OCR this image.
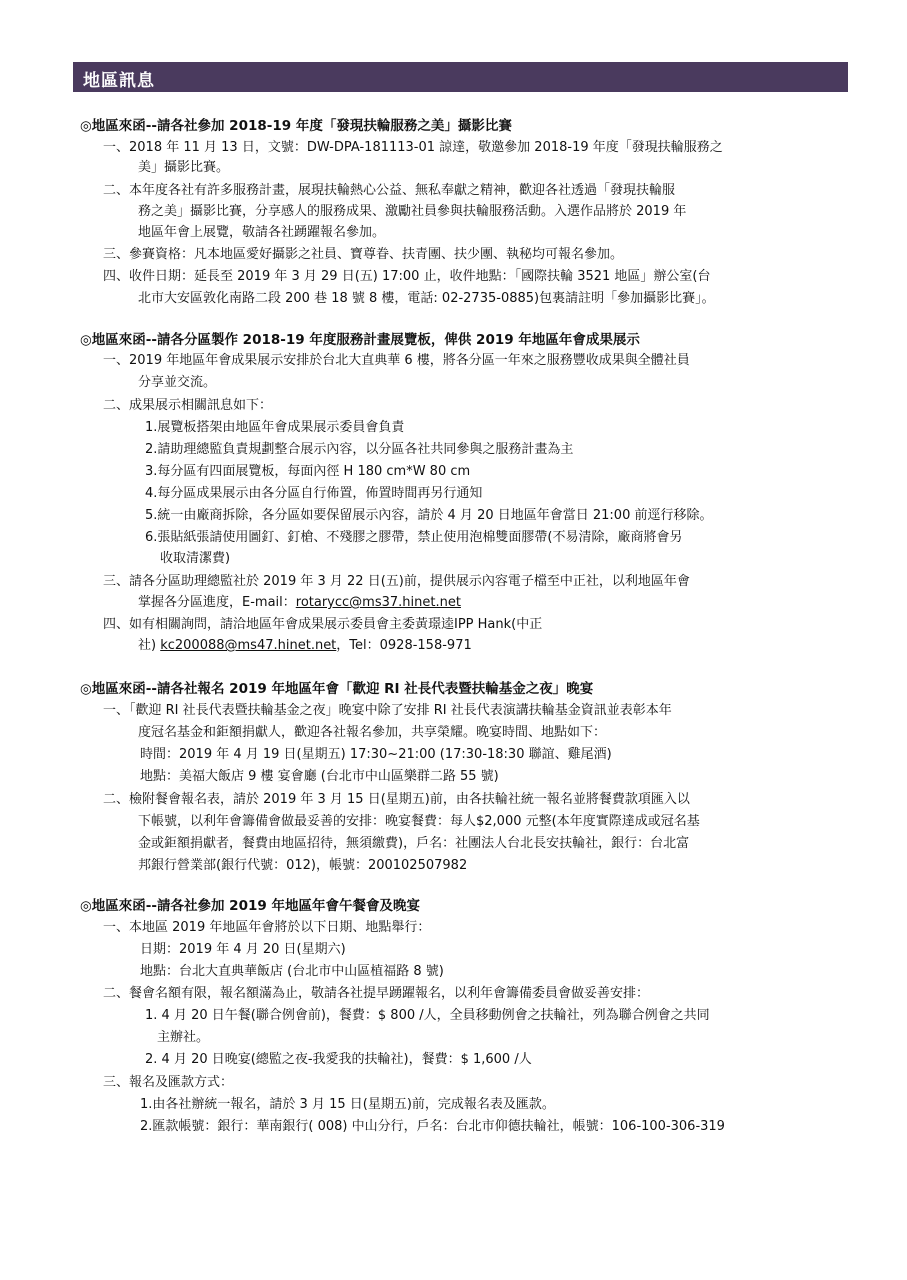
地區訊息
◎地區來函--請各社參加 2018-19 年度「發現扶輪服務之美」攝影比賽
一、2018 年 11 月 13 日，文號：DW-DPA-181113-01 諒達，敬邀參加 2018-19 年度「發現扶輪服務之
美」攝影比賽。
二、本年度各社有許多服務計畫，展現扶輪熱心公益、無私奉獻之精神，歡迎各社透過「發現扶輪服
務之美」攝影比賽，分享感人的服務成果、激勵社員參與扶輪服務活動。入選作品將於 2019 年
地區年會上展覽，敬請各社踴躍報名參加。
三、參賽資格：凡本地區愛好攝影之社員、寶尊眷、扶青團、扶少團、執秘均可報名參加。
四、收件日期：延長至 2019 年 3 月 29 日(五) 17:00 止，收件地點：「國際扶輪 3521 地區」辦公室(台
北市大安區敦化南路二段 200 巷 18 號 8 樓，電話: 02-2735-0885)包裏請註明「參加攝影比賽」。
◎地區來函--請各分區製作 2018-19 年度服務計畫展覽板，俾供 2019 年地區年會成果展示
一、2019 年地區年會成果展示安排於台北大直典華 6 樓，將各分區一年來之服務豐收成果與全體社員
分享並交流。
二、成果展示相關訊息如下：
1.展覽板搭架由地區年會成果展示委員會負責
2.請助理總監負責規劃整合展示內容，以分區各社共同參與之服務計畫為主
3.每分區有四面展覽板，每面內徑 H 180 cm*W 80 cm
4.每分區成果展示由各分區自行佈置，佈置時間再另行通知
5.統一由廠商拆除，各分區如要保留展示內容，請於 4 月 20 日地區年會當日 21:00 前逕行移除。
6.張貼紙張請使用圖釘、釘槍、不殘膠之膠帶，禁止使用泡棉雙面膠帶(不易清除，廠商將會另
收取清潔費)
三、請各分區助理總監社於 2019 年 3 月 22 日(五)前，提供展示內容電子檔至中正社，以利地區年會
掌握各分區進度，E-mail：rotarycc@ms37.hinet.net
四、如有相關詢問，請洽地區年會成果展示委員會主委黃璟逵IPP Hank(中正
社) kc200088@ms47.hinet.net，Tel：0928-158-971
◎地區來函--請各社報名 2019 年地區年會「歡迎 RI 社長代表暨扶輪基金之夜」晚宴
一、「歡迎 RI 社長代表暨扶輪基金之夜」晚宴中除了安排 RI 社長代表演講扶輪基金資訊並表彰本年
度冠名基金和鉅額捐獻人，歡迎各社報名參加，共享榮耀。晚宴時間、地點如下：
時間：2019 年 4 月 19 日(星期五) 17:30~21:00 (17:30-18:30 聯誼、雞尾酒)
地點：美福大飯店 9 樓 宴會廳 (台北市中山區樂群二路 55 號)
二、檢附餐會報名表，請於 2019 年 3 月 15 日(星期五)前，由各扶輪社統一報名並將餐費款項匯入以
下帳號，以利年會籌備會做最妥善的安排：晚宴餐費：每人$2,000 元整(本年度實際達成或冠名基
金或鉅額捐獻者，餐費由地區招待，無須繳費)，戶名：社團法人台北長安扶輪社，銀行：台北富
邦銀行營業部(銀行代號：012)，帳號：200102507982
◎地區來函--請各社參加 2019 年地區年會午餐會及晚宴
一、本地區 2019 年地區年會將於以下日期、地點舉行：
日期：2019 年 4 月 20 日(星期六)
地點：台北大直典華飯店 (台北市中山區植福路 8 號)
二、餐會名額有限，報名額滿為止，敬請各社提早踴躍報名，以利年會籌備委員會做妥善安排：
1. 4 月 20 日午餐(聯合例會前)，餐費：$ 800 /人，全員移動例會之扶輪社，列為聯合例會之共同
主辦社。
2. 4 月 20 日晚宴(總監之夜-我愛我的扶輪社)，餐費：$ 1,600 /人
三、報名及匯款方式：
1.由各社辦統一報名，請於 3 月 15 日(星期五)前，完成報名表及匯款。
2.匯款帳號：銀行：華南銀行( 008) 中山分行，戶名：台北市仰德扶輪社，帳號：106-100-306-319
